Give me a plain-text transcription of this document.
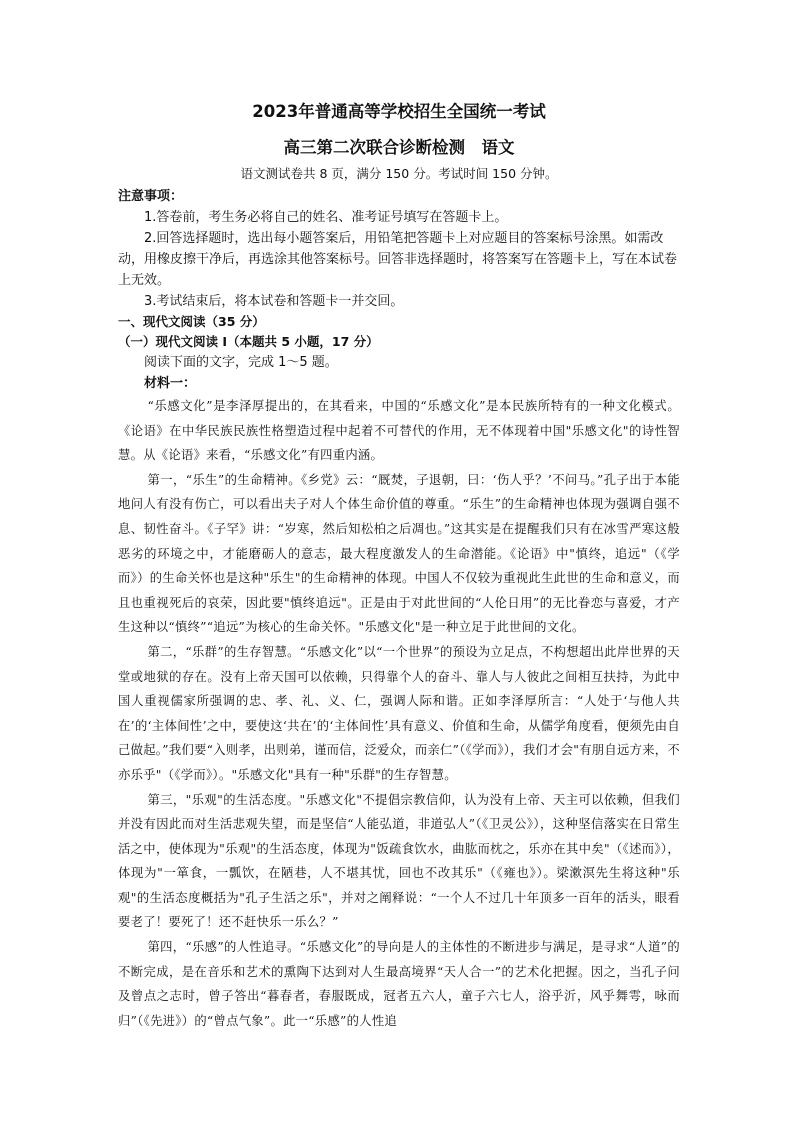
2023年普通高等学校招生全国统一考试
高三第二次联合诊断检测　语文
语文测试卷共 8 页，满分 150 分。考试时间 150 分钟。

注意事项：

1.答卷前，考生务必将自己的姓名、准考证号填写在答题卡上。

2.回答选择题时，选出每小题答案后，用铅笔把答题卡上对应题目的答案标号涂黑。如需改动，用橡皮擦干净后，再选涂其他答案标号。回答非选择题时，将答案写在答题卡上，写在本试卷上无效。

3.考试结束后，将本试卷和答题卡一并交回。

一、现代文阅读（35 分）

（一）现代文阅读 Ⅰ（本题共 5 小题，17 分）

阅读下面的文字，完成 1～5 题。

材料一：

“乐感文化”是李泽厚提出的，在其看来，中国的“乐感文化”是本民族所特有的一种文化模式。《论语》在中华民族民族性格塑造过程中起着不可替代的作用，无不体现着中国"乐感文化"的诗性智慧。从《论语》来看，“乐感文化”有四重内涵。

第一，“乐生”的生命精神。《乡党》云：“厩焚，子退朝，曰：‘伤人乎？’不问马。”孔子出于本能地问人有没有伤亡，可以看出夫子对人个体生命价值的尊重。“乐生”的生命精神也体现为强调自强不息、韧性奋斗。《子罕》讲：“岁寒，然后知松柏之后凋也。”这其实是在提醒我们只有在冰雪严寒这般恶劣的环境之中，才能磨砺人的意志，最大程度激发人的生命潜能。《论语》中"慎终，追远"（《学而》）的生命关怀也是这种"乐生"的生命精神的体现。中国人不仅较为重视此生此世的生命和意义，而且也重视死后的哀荣，因此要"慎终追远"。正是由于对此世间的“人伦日用”的无比眷恋与喜爱，才产生这种以“慎终”“追远”为核心的生命关怀。"乐感文化"是一种立足于此世间的文化。

第二，“乐群”的生存智慧。“乐感文化”以“一个世界”的预设为立足点，不构想超出此岸世界的天堂或地狱的存在。没有上帝天国可以依赖，只得靠个人的奋斗、靠人与人彼此之间相互扶持，为此中国人重视儒家所强调的忠、孝、礼、义、仁，强调人际和谐。正如李泽厚所言：“人处于‘与他人共在’的‘主体间性’之中，要使这‘共在’的‘主体间性’具有意义、价值和生命，从儒学角度看，便须先由自己做起。”我们要“入则孝，出则弟，谨而信，泛爱众，而亲仁”（《学而》），我们才会"有朋自远方来，不亦乐乎"（《学而》）。"乐感文化"具有一种"乐群"的生存智慧。

第三，"乐观"的生活态度。"乐感文化"不提倡宗教信仰，认为没有上帝、天主可以依赖，但我们并没有因此而对生活悲观失望，而是坚信“人能弘道，非道弘人”（《卫灵公》），这种坚信落实在日常生活之中，使体现为"乐观"的生活态度，体现为"饭疏食饮水，曲肱而枕之，乐亦在其中矣"（《述而》），体现为"一箪食，一瓢饮，在陋巷，人不堪其忧，回也不改其乐"（《雍也》）。梁漱溟先生将这种"乐观"的生活态度概括为"孔子生活之乐"，并对之阐释说：“一个人不过几十年顶多一百年的活头，眼看要老了！要死了！还不赶快乐一乐么？”

第四，“乐感”的人性追寻。“乐感文化”的导向是人的主体性的不断进步与满足，是寻求“人道”的不断完成，是在音乐和艺术的熏陶下达到对人生最高境界“天人合一”的艺术化把握。因之，当孔子问及曾点之志时，曾子答出“暮春者，春服既成，冠者五六人，童子六七人，浴乎沂，风乎舞雩，咏而归”（《先进》）的“曾点气象”。此一“乐感”的人性追
